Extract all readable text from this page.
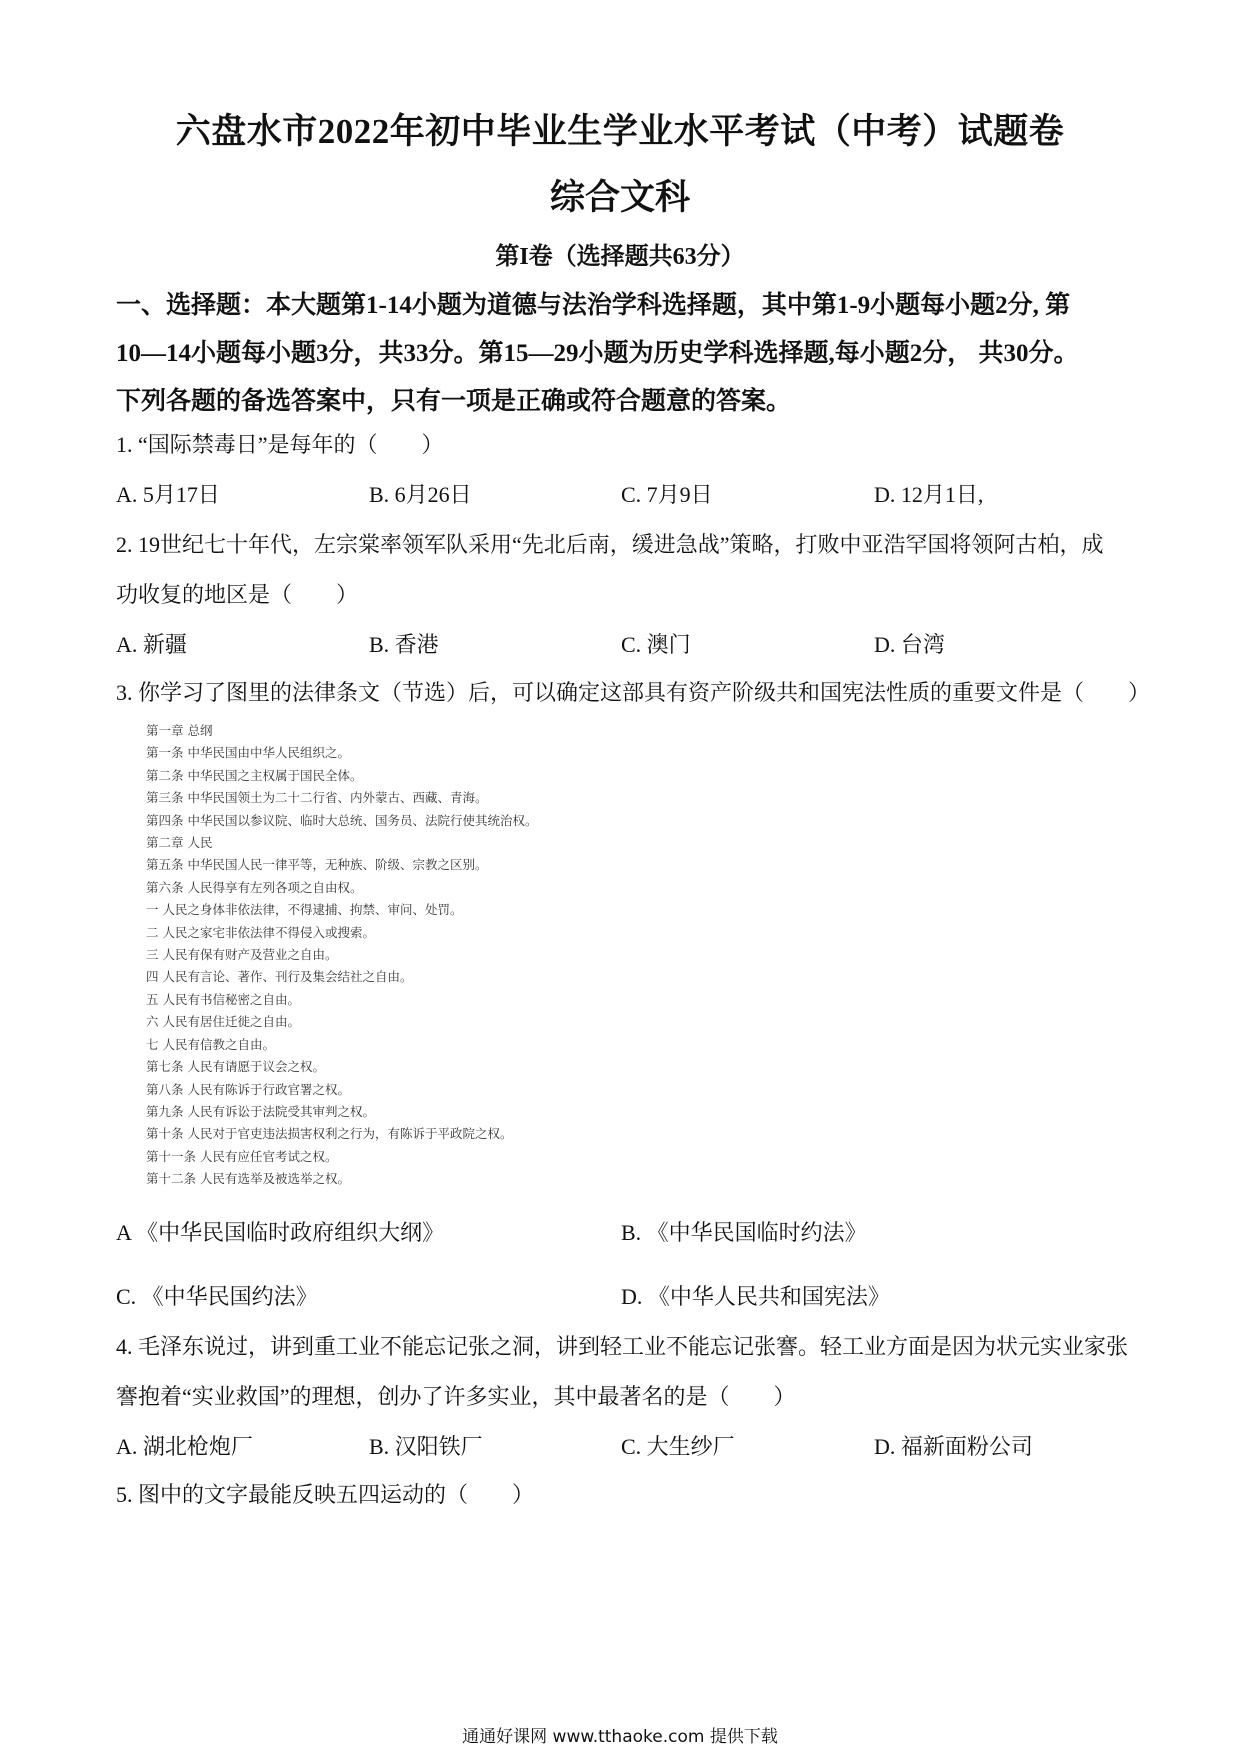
六盘水市2022年初中毕业生学业水平考试（中考）试题卷
综合文科
第I卷（选择题共63分）
一、选择题：本大题第1-14小题为道德与法治学科选择题，其中第1-9小题每小题2分, 第
10—14小题每小题3分，共33分。第15—29小题为历史学科选择题,每小题2分， 共30分。
下列各题的备选答案中，只有一项是正确或符合题意的答案。
1. “国际禁毒日”是每年的（　　）
A. 5月17日	B. 6月26日	C. 7月9日	D. 12月1日,
2. 19世纪七十年代，左宗棠率领军队采用“先北后南，缓进急战”策略，打败中亚浩罕国将领阿古柏，成
功收复的地区是（　　）
A. 新疆	B. 香港	C. 澳门	D. 台湾
3. 你学习了图里的法律条文（节选）后，可以确定这部具有资产阶级共和国宪法性质的重要文件是（　　）
第一章 总纲
第一条 中华民国由中华人民组织之。
第二条 中华民国之主权属于国民全体。
第三条 中华民国领土为二十二行省、内外蒙古、西藏、青海。
第四条 中华民国以参议院、临时大总统、国务员、法院行使其统治权。
第二章 人民
第五条 中华民国人民一律平等，无种族、阶级、宗教之区别。
第六条 人民得享有左列各项之自由权。
一 人民之身体非依法律，不得逮捕、拘禁、审问、处罚。
二 人民之家宅非依法律不得侵入或搜索。
三 人民有保有财产及营业之自由。
四 人民有言论、著作、刊行及集会结社之自由。
五 人民有书信秘密之自由。
六 人民有居住迁徙之自由。
七 人民有信教之自由。
第七条 人民有请愿于议会之权。
第八条 人民有陈诉于行政官署之权。
第九条 人民有诉讼于法院受其审判之权。
第十条 人民对于官吏违法损害权利之行为，有陈诉于平政院之权。
第十一条 人民有应任官考试之权。
第十二条 人民有选举及被选举之权。
A 《中华民国临时政府组织大纲》	B. 《中华民国临时约法》
C. 《中华民国约法》	D. 《中华人民共和国宪法》
4. 毛泽东说过，讲到重工业不能忘记张之洞，讲到轻工业不能忘记张謇。轻工业方面是因为状元实业家张
謇抱着“实业救国”的理想，创办了许多实业，其中最著名的是（　　）
A. 湖北枪炮厂	B. 汉阳铁厂	C. 大生纱厂	D. 福新面粉公司
5. 图中的文字最能反映五四运动的（　　）
通通好课网 www.tthaoke.com 提供下载
